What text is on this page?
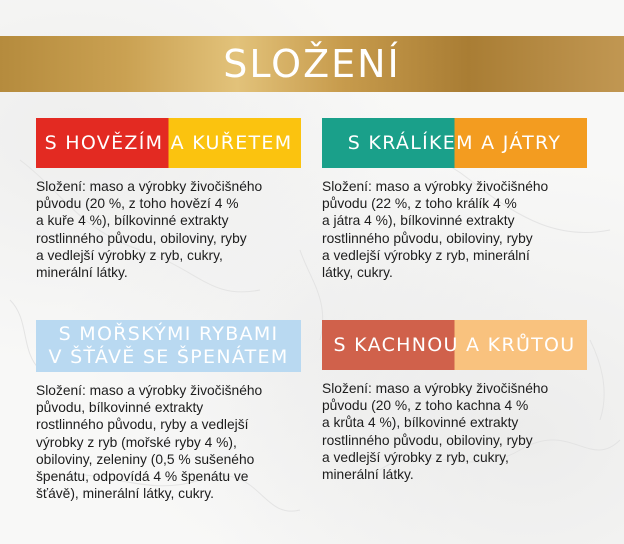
SLOŽENÍ
S HOVĚZÍM A KUŘETEM
Složení: maso a výrobky živočišného
původu (20 %, z toho hovězí 4 %
a kuře 4 %), bílkovinné extrakty
rostlinného původu, obiloviny, ryby
a vedlejší výrobky z ryb, cukry,
minerální látky.
S KRÁLÍKEM A JÁTRY
Složení: maso a výrobky živočišného
původu (22 %, z toho králík 4 %
a játra 4 %), bílkovinné extrakty
rostlinného původu, obiloviny, ryby
a vedlejší výrobky z ryb, minerální
látky, cukry.
S MOŘSKÝMI RYBAMI
V ŠŤÁVĚ SE ŠPENÁTEM
Složení: maso a výrobky živočišného
původu, bílkovinné extrakty
rostlinného původu, ryby a vedlejší
výrobky z ryb (mořské ryby 4 %),
obiloviny, zeleniny (0,5 % sušeného
špenátu, odpovídá 4 % špenátu ve
šťávě), minerální látky, cukry.
S KACHNOU A KRŮTOU
Složení: maso a výrobky živočišného
původu (20 %, z toho kachna 4 %
a krůta 4 %), bílkovinné extrakty
rostlinného původu, obiloviny, ryby
a vedlejší výrobky z ryb, cukry,
minerální látky.
